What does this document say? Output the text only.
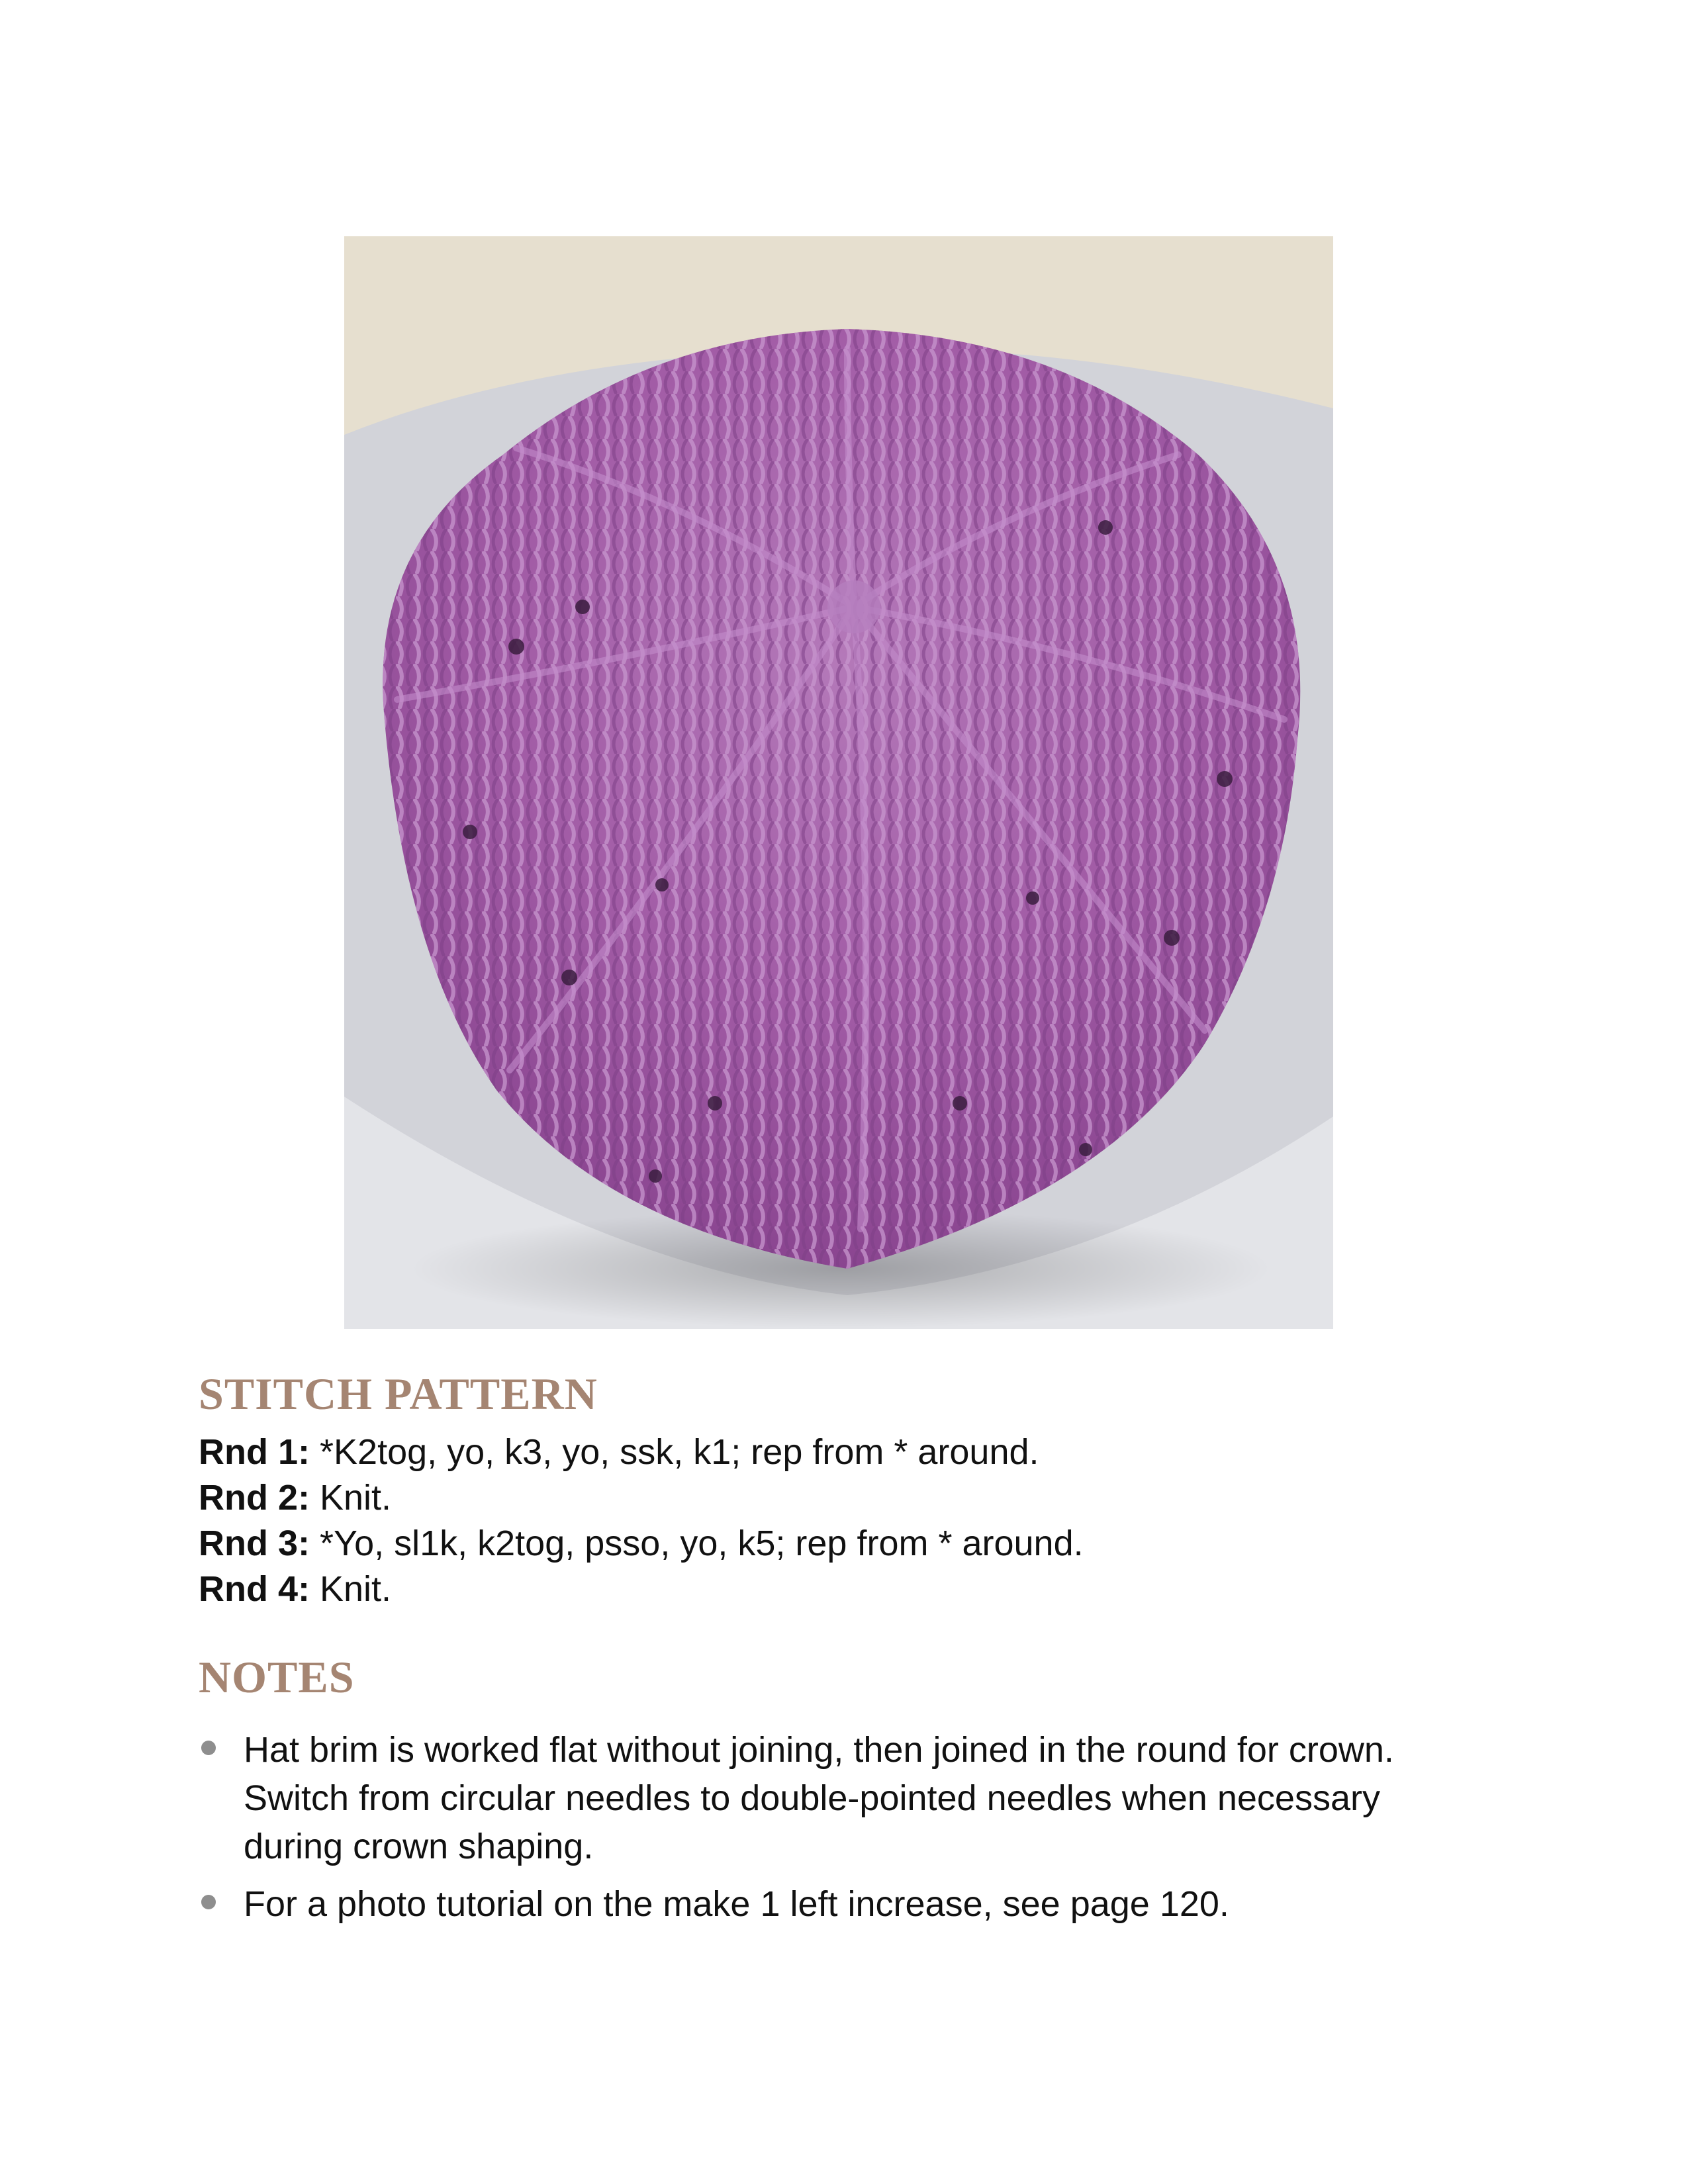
STITCH PATTERN
Rnd 1: *K2tog, yo, k3, yo, ssk, k1; rep from * around.
Rnd 2: Knit.
Rnd 3: *Yo, sl1k, k2tog, psso, yo, k5; rep from * around.
Rnd 4: Knit.
NOTES
Hat brim is worked flat without joining, then joined in the round for crown. Switch from circular needles to double-pointed needles when necessary during crown shaping.
For a photo tutorial on the make 1 left increase, see page 120.
